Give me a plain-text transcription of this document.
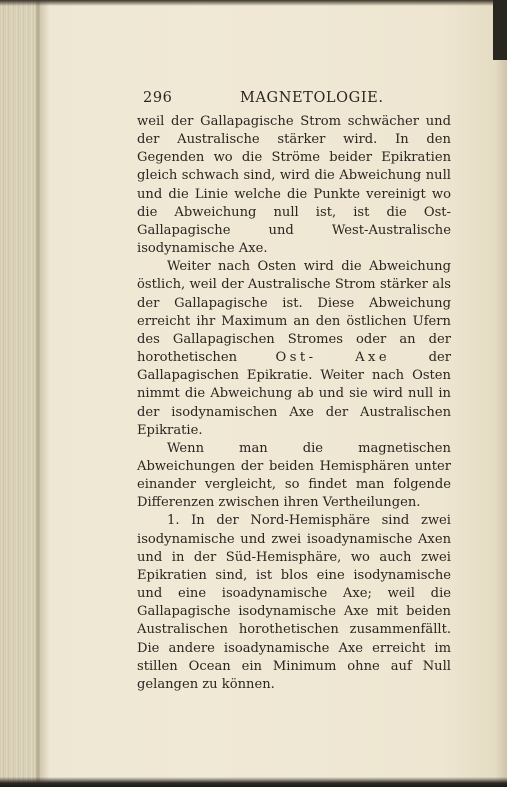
296	MAGNETOLOGIE.

weil der Gallapagische Strom schwächer und der Australische stärker wird. In den Gegenden wo die Ströme beider Epikratien gleich schwach sind, wird die Abweichung null und die Linie welche die Punkte vereinigt wo die Abweichung null ist, ist die Ost-Gallapagische und West-Australische isodynamische Axe.

Weiter nach Osten wird die Abweichung östlich, weil der Australische Strom stärker als der Gallapagische ist. Diese Abweichung erreicht ihr Maximum an den östlichen Ufern des Gallapagischen Stromes oder an der horothetischen Ost-	Axe der Gallapagischen Epikratie. Weiter nach Osten nimmt die Abweichung ab und sie wird null in der isodynamischen Axe der Australischen Epikratie.

Wenn man die magnetischen Abweichungen der beiden Hemisphären unter einander vergleicht, so findet man folgende Differenzen zwischen ihren Vertheilungen.

1. In der Nord-Hemisphäre sind zwei isodynamische und zwei isoadynamische Axen und in der Süd-Hemisphäre, wo auch zwei Epikratien sind, ist blos eine isodynamische und eine isoadynamische Axe; weil die Gallapagische isodynamische Axe mit beiden Australischen horothetischen zusammenfällt. Die andere isoadynamische Axe erreicht im stillen Ocean ein Minimum ohne auf Null gelangen zu können.
